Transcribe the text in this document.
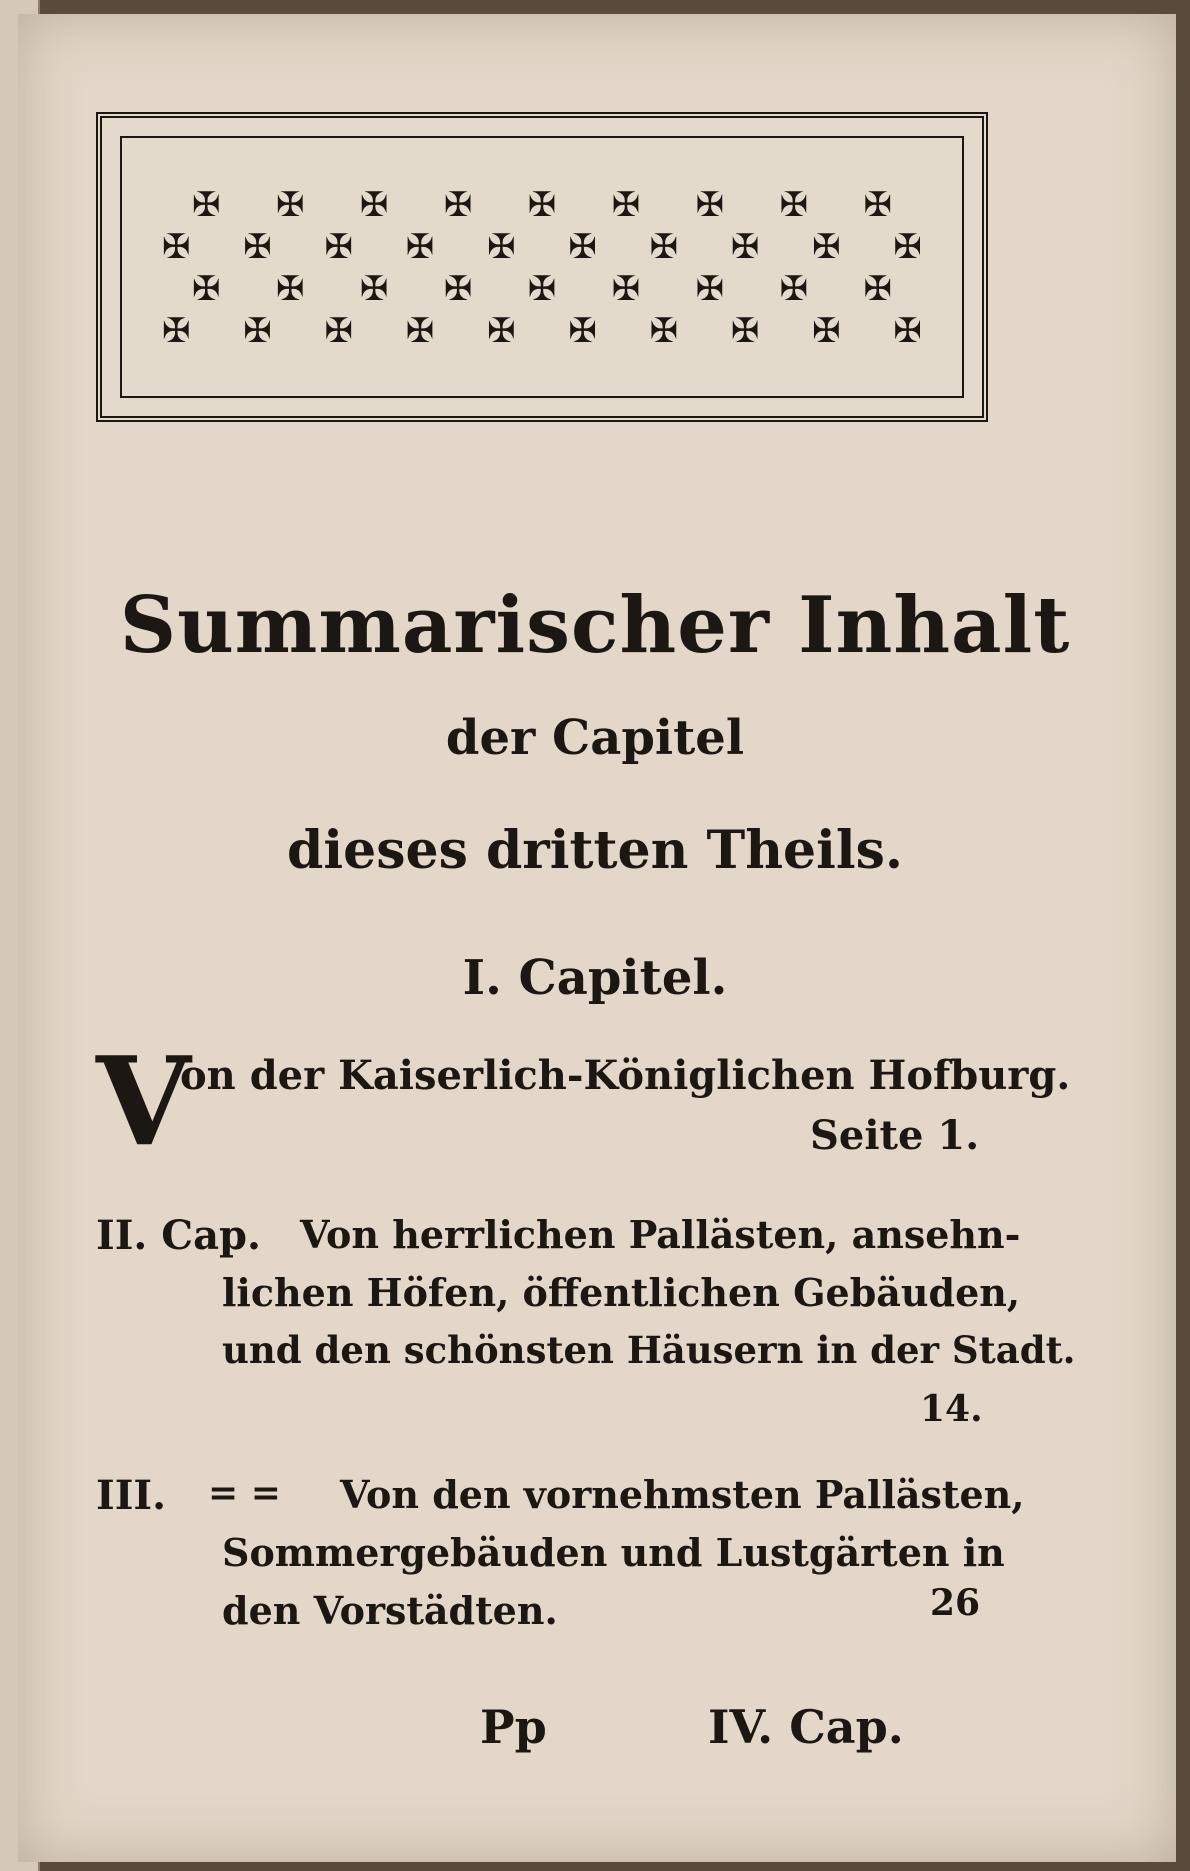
✠ ✠ ✠ ✠ ✠ ✠ ✠ ✠ ✠
✠ ✠ ✠ ✠ ✠ ✠ ✠ ✠ ✠ ✠
✠ ✠ ✠ ✠ ✠ ✠ ✠ ✠ ✠
✠ ✠ ✠ ✠ ✠ ✠ ✠ ✠ ✠ ✠
Summarischer Inhalt
der Capitel
dieses dritten Theils.
I. Capitel.
V
on der Kaiserlich-Königlichen Hofburg.
Seite 1.
II. Cap. Von herrlichen Pallästen, ansehn-
lichen Höfen, öffentlichen Gebäuden,
und den schönsten Häusern in der Stadt.
14.
III. = = Von den vornehmsten Pallästen,
Sommergebäuden und Lustgärten in
den Vorstädten.	26
Pp	IV. Cap.
